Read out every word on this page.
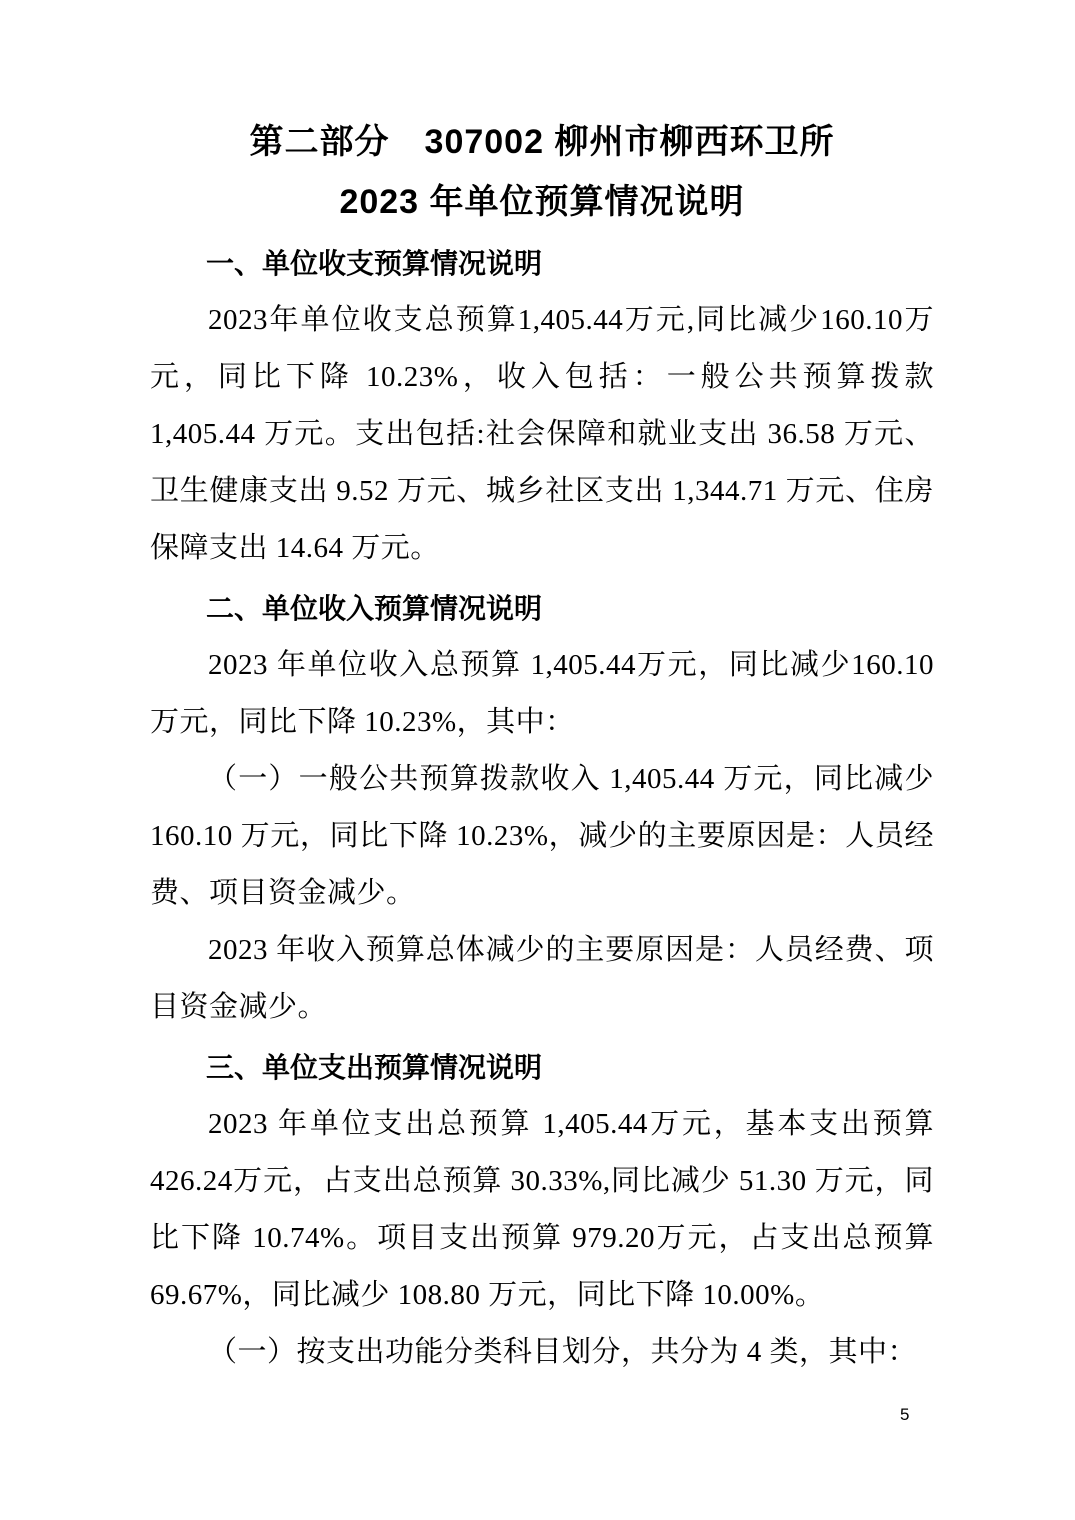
第二部分　307002 柳州市柳西环卫所
2023 年单位预算情况说明
一、单位收支预算情况说明
2023年单位收支总预算1,405.44万元,同比减少160.10万元，同比下降 10.23%，收入包括：一般公共预算拨款1,405.44 万元。支出包括:社会保障和就业支出 36.58 万元、卫生健康支出 9.52 万元、城乡社区支出 1,344.71 万元、住房保障支出 14.64 万元。
二、单位收入预算情况说明
2023 年单位收入总预算 1,405.44万元，同比减少160.10 万元，同比下降 10.23%，其中：
（一）一般公共预算拨款收入 1,405.44 万元，同比减少 160.10 万元，同比下降 10.23%，减少的主要原因是：人员经费、项目资金减少。
2023 年收入预算总体减少的主要原因是：人员经费、项目资金减少。
三、单位支出预算情况说明
2023 年单位支出总预算 1,405.44万元，基本支出预算426.24万元，占支出总预算 30.33%,同比减少 51.30 万元，同比下降 10.74%。项目支出预算 979.20万元，占支出总预算 69.67%，同比减少 108.80 万元，同比下降 10.00%。
（一）按支出功能分类科目划分，共分为 4 类，其中：
5
